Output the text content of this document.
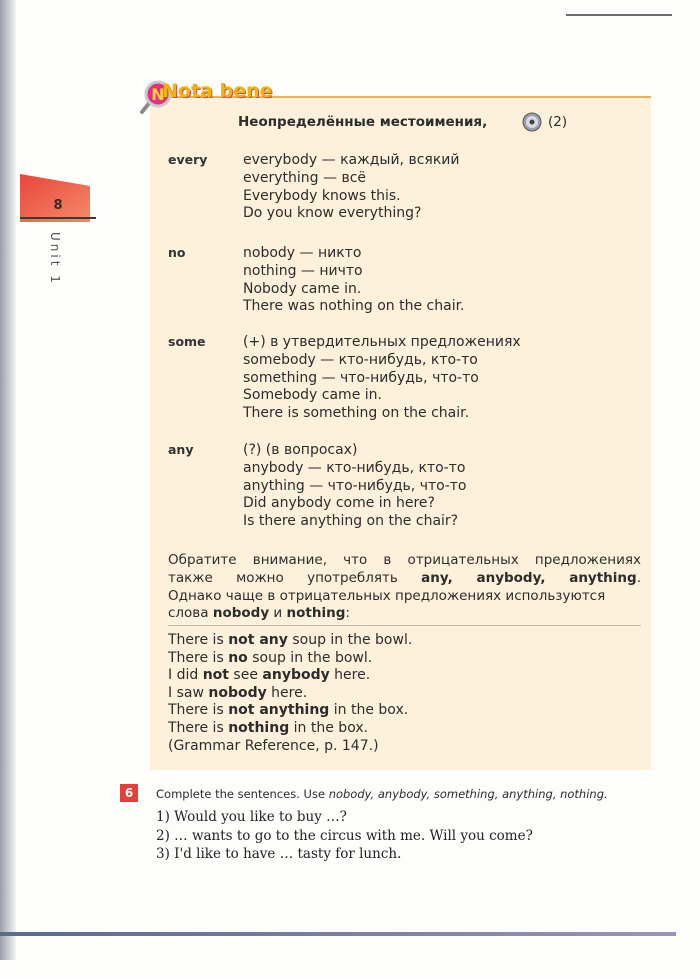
8
Unit 1
N
Nota bene
Неопределённые местоимения,	(2)
every	everybody — каждый, всякий
everything — всё
Everybody knows this.
Do you know everything?
no	nobody — никто
nothing — ничто
Nobody came in.
There was nothing on the chair.
some	(+) в утвердительных предложениях
somebody — кто-нибудь, кто-то
something — что-нибудь, что-то
Somebody came in.
There is something on the chair.
any	(?) (в вопросах)
anybody — кто-нибудь, кто-то
anything — что-нибудь, что-то
Did anybody come in here?
Is there anything on the chair?

Обратите внимание, что в отрицательных предложениях

также можно употреблять any, anybody, anything.

Однако чаще в отрицательных предложениях используются

слова nobody и nothing:

There is not any soup in the bowl.
There is no soup in the bowl.
I did not see anybody here.
I saw nobody here.
There is not anything in the box.
There is nothing in the box.
(Grammar Reference, p. 147.)
6	Complete the sentences. Use nobody, anybody, something, anything, nothing.
1) Would you like to buy …?
2) … wants to go to the circus with me. Will you come?
3) I'd like to have … tasty for lunch.
